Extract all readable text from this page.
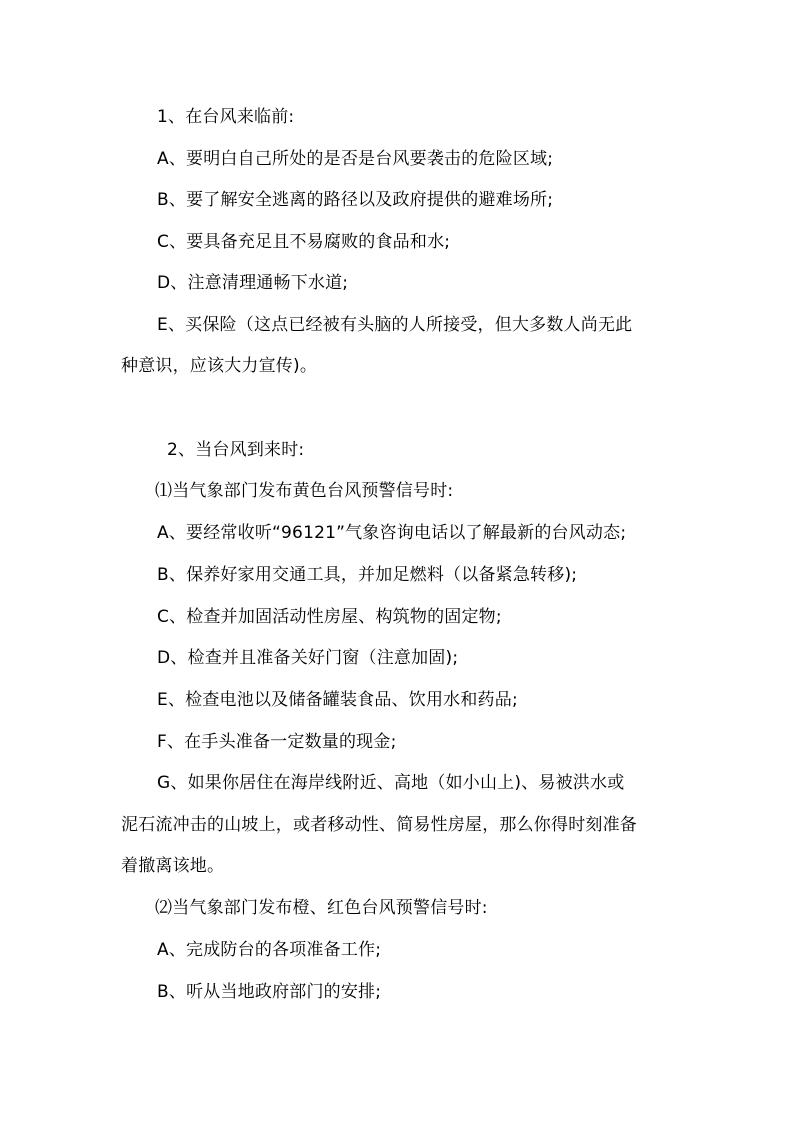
1、在台风来临前:
A、要明白自己所处的是否是台风要袭击的危险区域;
B、要了解安全逃离的路径以及政府提供的避难场所;
C、要具备充足且不易腐败的食品和水;
D、注意清理通畅下水道;
E、买保险（这点已经被有头脑的人所接受，但大多数人尚无此
种意识，应该大力宣传)。
2、当台风到来时:
⑴当气象部门发布黄色台风预警信号时:
A、要经常收听“96121”气象咨询电话以了解最新的台风动态;
B、保养好家用交通工具，并加足燃料（以备紧急转移);
C、检查并加固活动性房屋、构筑物的固定物;
D、检查并且准备关好门窗（注意加固);
E、检查电池以及储备罐装食品、饮用水和药品;
F、在手头准备一定数量的现金;
G、如果你居住在海岸线附近、高地（如小山上)、易被洪水或
泥石流冲击的山坡上，或者移动性、简易性房屋，那么你得时刻准备
着撤离该地。
⑵当气象部门发布橙、红色台风预警信号时:
A、完成防台的各项准备工作;
B、听从当地政府部门的安排;
